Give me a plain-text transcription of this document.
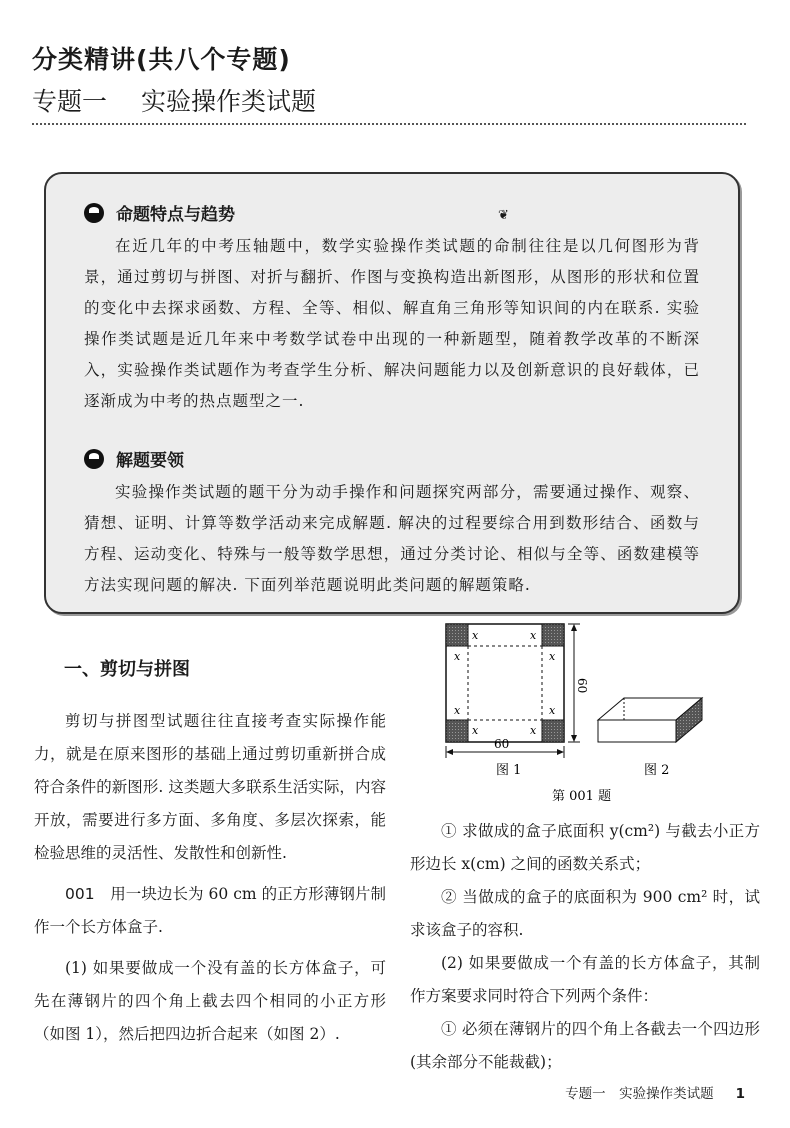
分类精讲(共八个专题)
专题一 实验操作类试题
❦
命题特点与趋势

在近几年的中考压轴题中，数学实验操作类试题的命制往往是以几何图形为背景，通过剪切与拼图、对折与翻折、作图与变换构造出新图形，从图形的形状和位置的变化中去探求函数、方程、全等、相似、解直角三角形等知识间的内在联系. 实验操作类试题是近几年来中考数学试卷中出现的一种新题型，随着教学改革的不断深入，实验操作类试题作为考查学生分析、解决问题能力以及创新意识的良好载体，已逐渐成为中考的热点题型之一.

解题要领

实验操作类试题的题干分为动手操作和问题探究两部分，需要通过操作、观察、猜想、证明、计算等数学活动来完成解题. 解决的过程要综合用到数形结合、函数与方程、运动变化、特殊与一般等数学思想，通过分类讨论、相似与全等、函数建模等方法实现问题的解决. 下面列举范题说明此类问题的解题策略.

一、剪切与拼图

剪切与拼图型试题往往直接考查实际操作能力，就是在原来图形的基础上通过剪切重新拼合成符合条件的新图形. 这类题大多联系生活实际，内容开放，需要进行多方面、多角度、多层次探索，能检验思维的灵活性、发散性和创新性.

001　 用一块边长为 60 cm 的正方形薄钢片制作一个长方体盒子.

(1) 如果要做成一个没有盖的长方体盒子，可先在薄钢片的四个角上截去四个相同的小正方形（如图 1），然后把四边折合起来（如图 2）.

x	x
x	x
x	x
x	x
60
60
图 1	图 2
第 001 题

① 求做成的盒子底面积 y(cm²) 与截去小正方形边长 x(cm) 之间的函数关系式；

② 当做成的盒子的底面积为 900 cm² 时，试求该盒子的容积.

(2) 如果要做成一个有盖的长方体盒子，其制作方案要求同时符合下列两个条件：

① 必须在薄钢片的四个角上各截去一个四边形(其余部分不能裁截)；

专题一　实验操作类试题 1
